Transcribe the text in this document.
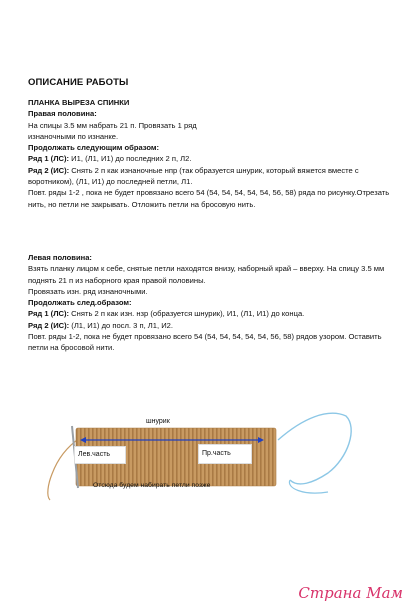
ОПИСАНИЕ РАБОТЫ

ПЛАНКА ВЫРЕЗА СПИНКИ

Правая половина:

На спицы 3.5 мм набрать 21 п. Провязать 1 ряд

изнаночными по изнанке.

Продолжать следующим образом:

Ряд 1 (ЛС): И1, (Л1, И1) до последних 2 п, Л2.

Ряд 2 (ИС): Снять 2 п как изнаночные нпр (так образуется шнурик, который вяжется вместе с воротником), (Л1, И1) до последней петли, Л1.

Повт. ряды 1-2 , пока не будет провязано всего 54 (54, 54, 54, 54, 54, 56, 58) ряда по рисунку.Отрезать нить, но петли не закрывать. Отложить петли на бросовую нить.

Левая половина:

Взять планку лицом к себе, снятые петли находятся внизу, наборный край – вверху. На спицу 3.5 мм поднять 21 п из наборного края правой половины.

Провязать изн. ряд изнаночными.

Продолжать след.образом:

Ряд 1 (ЛС): Снять 2 п как изн. нзр (образуется шнурик), И1, (Л1, И1) до конца.

Ряд 2 (ИС): (Л1, И1) до посл. 3 п, Л1, И2.

Повт. ряды 1-2, пока не будет провязано всего 54 (54, 54, 54, 54, 54, 56, 58) рядов узором. Оставить петли на бросовой нити.

шнурик
Лев.часть	Пр.часть
Отсюда будем набирать петли позже
Страна Мам
